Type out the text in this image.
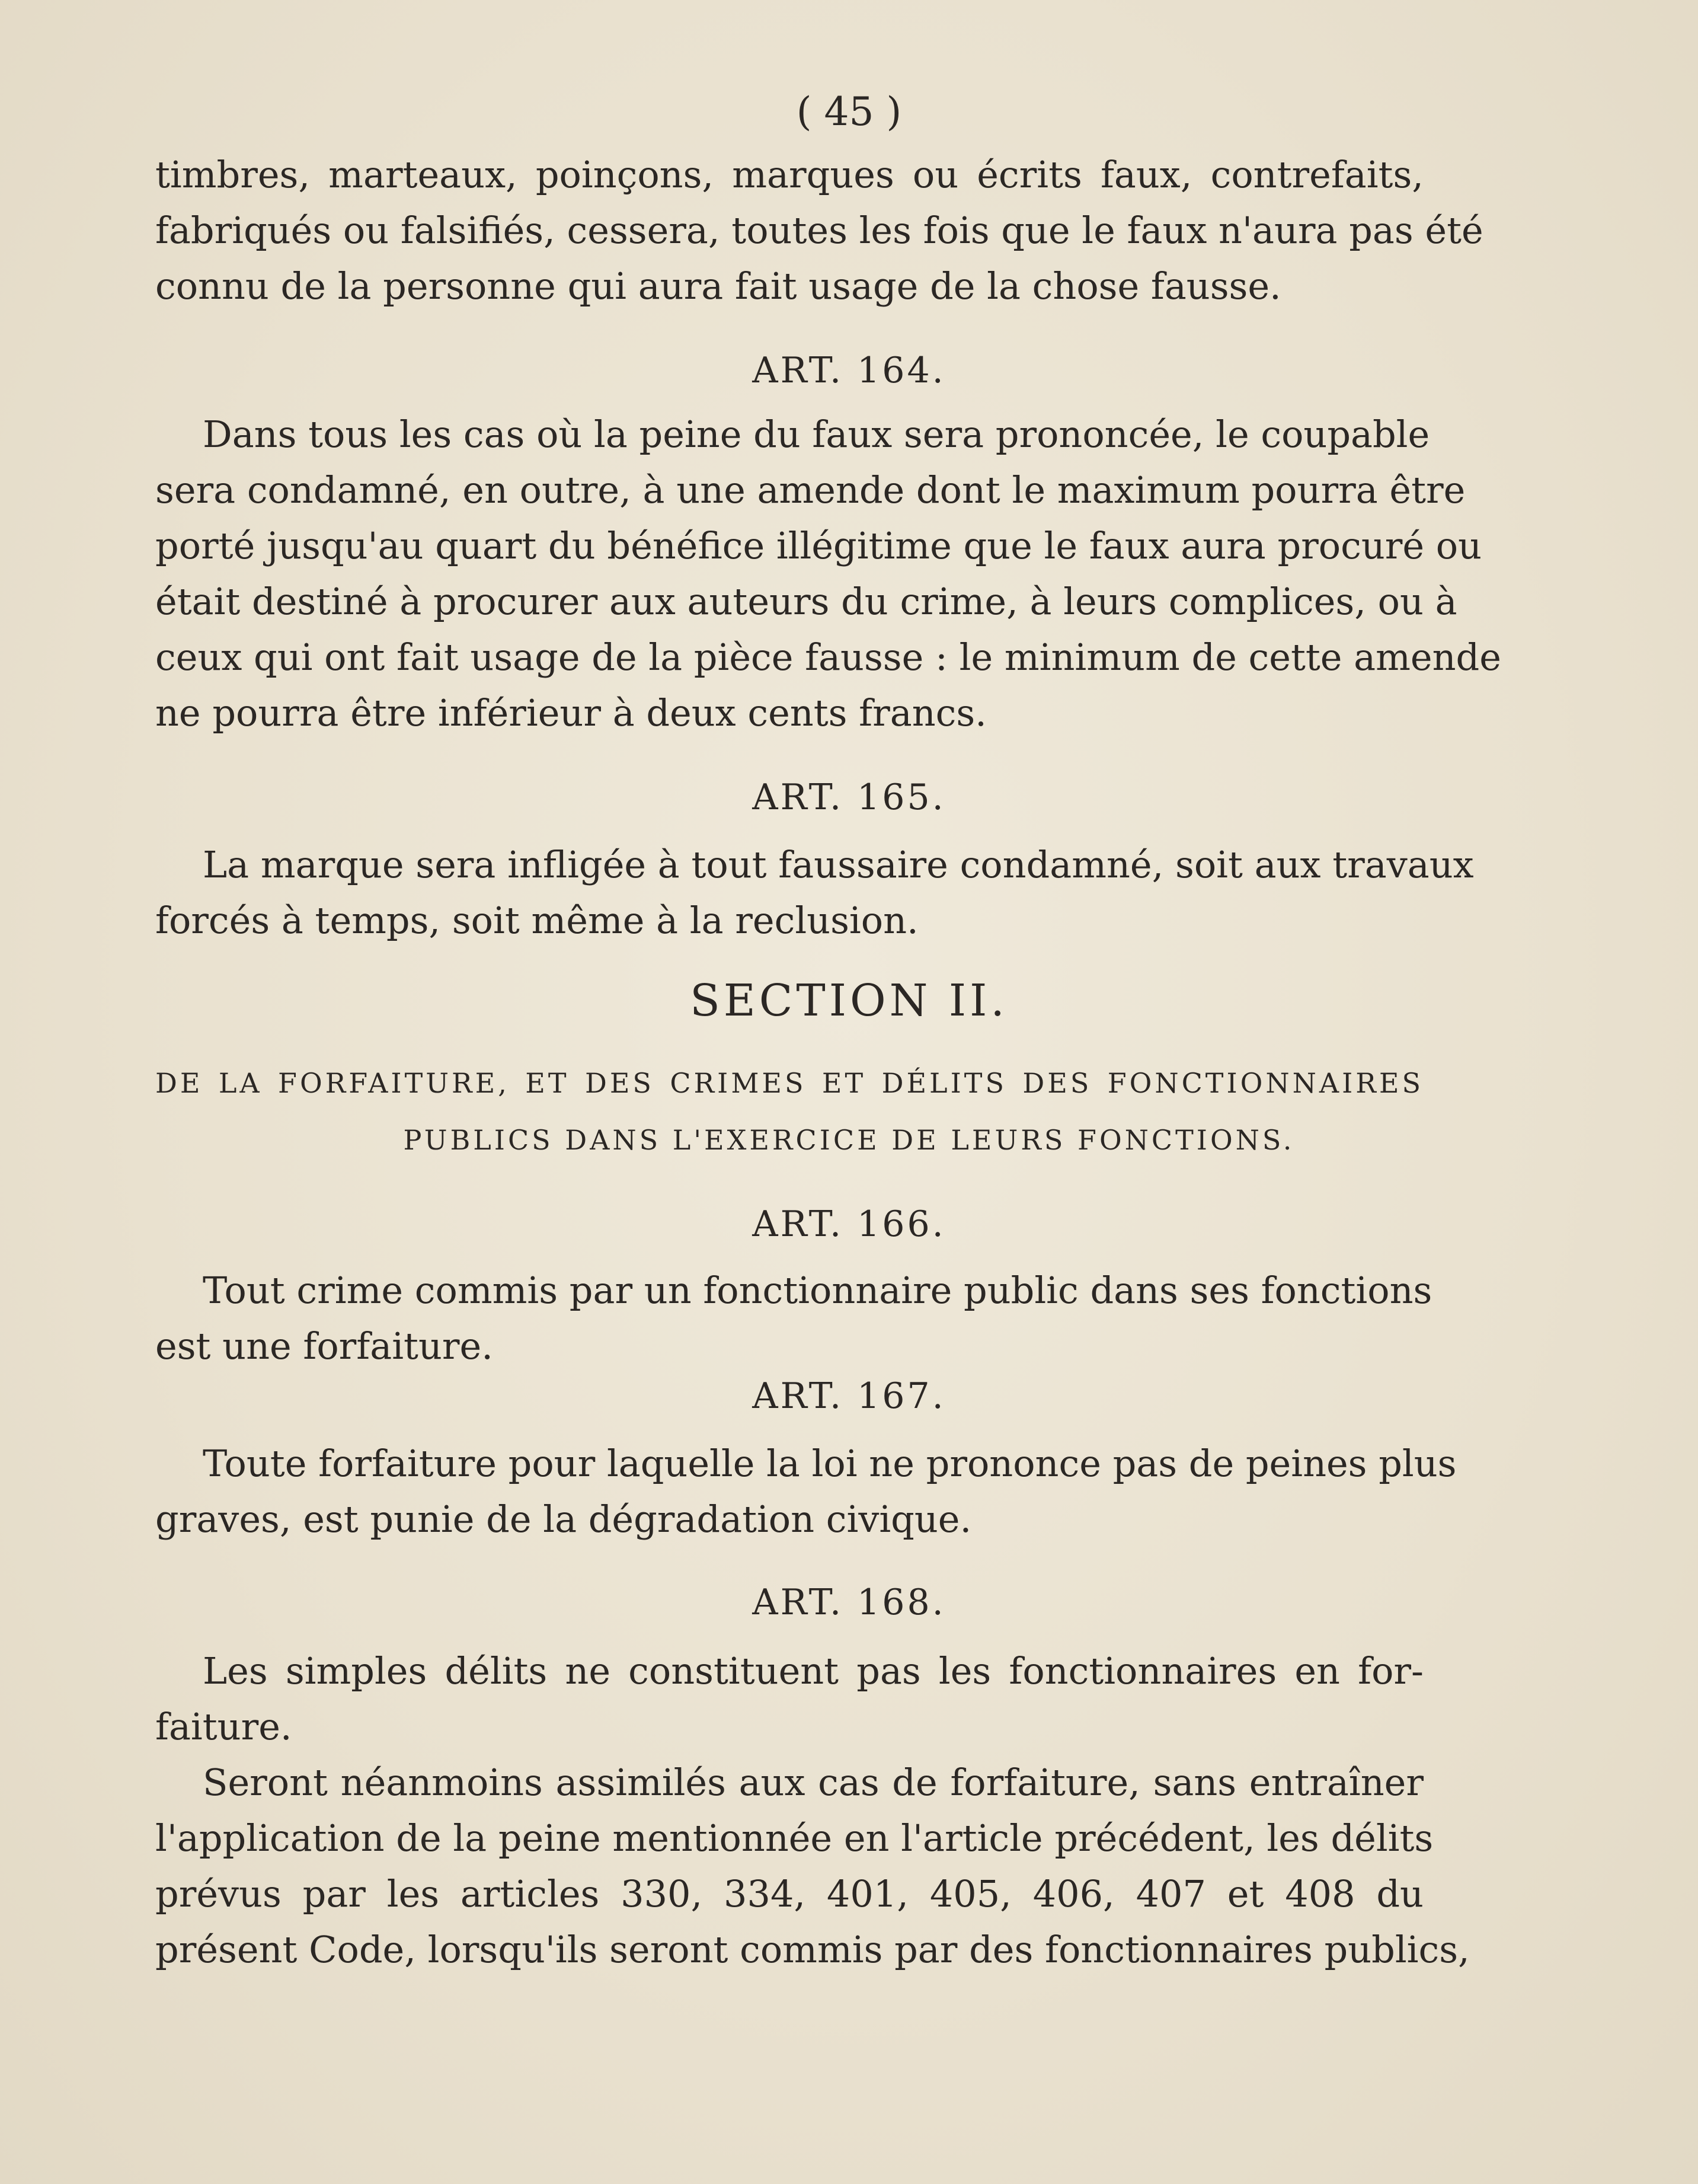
( 45 )
timbres, marteaux, poinçons, marques ou écrits faux, contrefaits,
fabriqués ou falsifiés, cessera, toutes les fois que le faux n'aura pas été
connu de la personne qui aura fait usage de la chose fausse.
ART. 164.
Dans tous les cas où la peine du faux sera prononcée, le coupable
sera condamné, en outre, à une amende dont le maximum pourra être
porté jusqu'au quart du bénéfice illégitime que le faux aura procuré ou
était destiné à procurer aux auteurs du crime, à leurs complices, ou à
ceux qui ont fait usage de la pièce fausse : le minimum de cette amende
ne pourra être inférieur à deux cents francs.
ART. 165.
La marque sera infligée à tout faussaire condamné, soit aux travaux
forcés à temps, soit même à la reclusion.
SECTION II.
DE LA FORFAITURE, ET DES CRIMES ET DÉLITS DES FONCTIONNAIRES
PUBLICS DANS L'EXERCICE DE LEURS FONCTIONS.
ART. 166.
Tout crime commis par un fonctionnaire public dans ses fonctions
est une forfaiture.
ART. 167.
Toute forfaiture pour laquelle la loi ne prononce pas de peines plus
graves, est punie de la dégradation civique.
ART. 168.
Les simples délits ne constituent pas les fonctionnaires en for-
faiture.
Seront néanmoins assimilés aux cas de forfaiture, sans entraîner
l'application de la peine mentionnée en l'article précédent, les délits
prévus par les articles 330, 334, 401, 405, 406, 407 et 408 du
présent Code, lorsqu'ils seront commis par des fonctionnaires publics,
